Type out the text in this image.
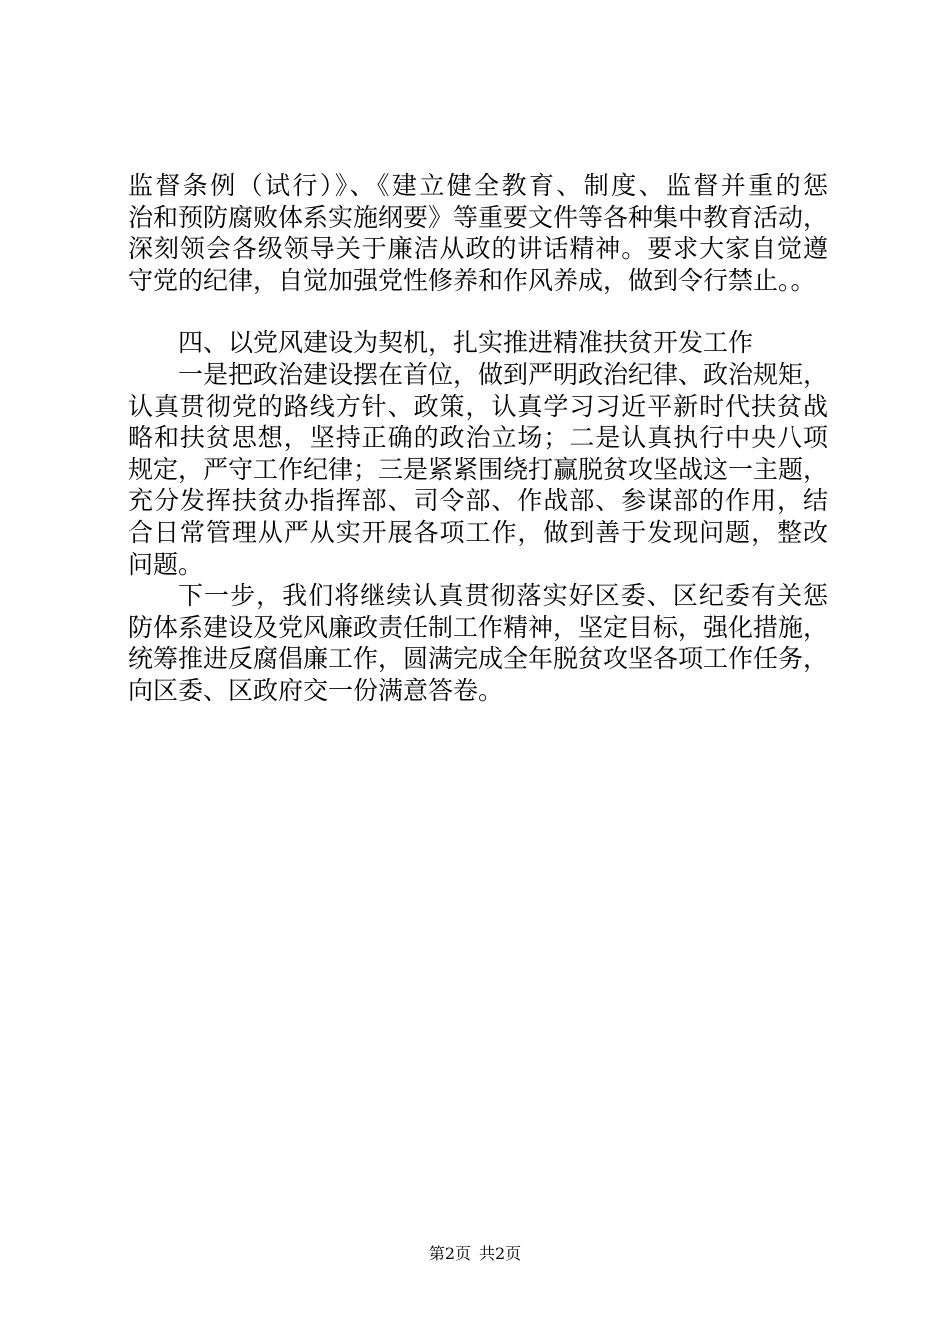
监督条例（试行）》、《建立健全教育、制度、监督并重的惩
治和预防腐败体系实施纲要》等重要文件等各种集中教育活动，
深刻领会各级领导关于廉洁从政的讲话精神。要求大家自觉遵
守党的纪律，自觉加强党性修养和作风养成，做到令行禁止。。
四、以党风建设为契机，扎实推进精准扶贫开发工作
一是把政治建设摆在首位，做到严明政治纪律、政治规矩，
认真贯彻党的路线方针、政策，认真学习习近平新时代扶贫战
略和扶贫思想，坚持正确的政治立场；二是认真执行中央八项
规定，严守工作纪律；三是紧紧围绕打赢脱贫攻坚战这一主题，
充分发挥扶贫办指挥部、司令部、作战部、参谋部的作用，结
合日常管理从严从实开展各项工作，做到善于发现问题，整改
问题。
下一步，我们将继续认真贯彻落实好区委、区纪委有关惩
防体系建设及党风廉政责任制工作精神，坚定目标，强化措施，
统筹推进反腐倡廉工作，圆满完成全年脱贫攻坚各项工作任务，
向区委、区政府交一份满意答卷。
第2页 共2页
